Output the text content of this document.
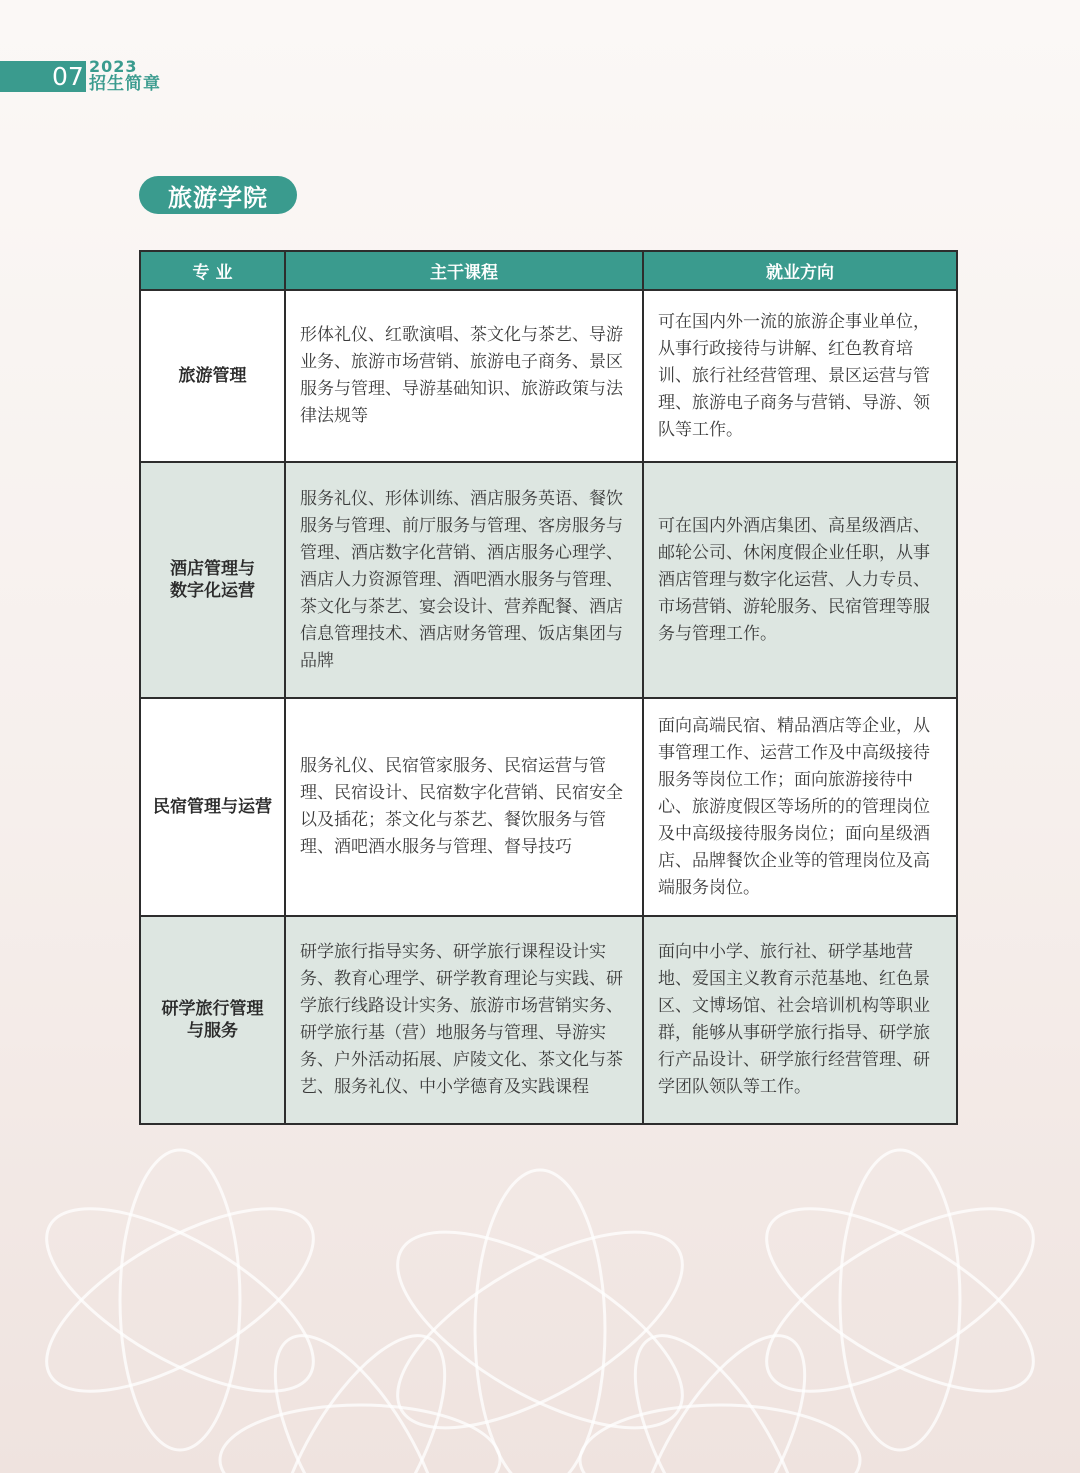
07 2023
招生简章
旅游学院
专 业	主干课程	就业方向
旅游管理	形体礼仪、红歌演唱、茶文化与茶艺、导游业务、旅游市场营销、旅游电子商务、景区服务与管理、导游基础知识、旅游政策与法律法规等	可在国内外一流的旅游企事业单位，从事行政接待与讲解、红色教育培训、旅行社经营管理、景区运营与管理、旅游电子商务与营销、导游、领队等工作。
酒店管理与数字化运营	服务礼仪、形体训练、酒店服务英语、餐饮服务与管理、前厅服务与管理、客房服务与管理、酒店数字化营销、酒店服务心理学、酒店人力资源管理、酒吧酒水服务与管理、茶文化与茶艺、宴会设计、营养配餐、酒店信息管理技术、酒店财务管理、饭店集团与品牌	可在国内外酒店集团、高星级酒店、邮轮公司、休闲度假企业任职，从事酒店管理与数字化运营、人力专员、市场营销、游轮服务、民宿管理等服务与管理工作。
民宿管理与运营	服务礼仪、民宿管家服务、民宿运营与管理、民宿设计、民宿数字化营销、民宿安全以及插花；茶文化与茶艺、餐饮服务与管理、酒吧酒水服务与管理、督导技巧	面向高端民宿、精品酒店等企业，从事管理工作、运营工作及中高级接待服务等岗位工作；面向旅游接待中心、旅游度假区等场所的的管理岗位及中高级接待服务岗位；面向星级酒店、品牌餐饮企业等的管理岗位及高端服务岗位。
研学旅行管理与服务	研学旅行指导实务、研学旅行课程设计实务、教育心理学、研学教育理论与实践、研学旅行线路设计实务、旅游市场营销实务、研学旅行基（营）地服务与管理、导游实务、户外活动拓展、庐陵文化、茶文化与茶艺、服务礼仪、中小学德育及实践课程	面向中小学、旅行社、研学基地营地、爱国主义教育示范基地、红色景区、文博场馆、社会培训机构等职业群，能够从事研学旅行指导、研学旅行产品设计、研学旅行经营管理、研学团队领队等工作。
